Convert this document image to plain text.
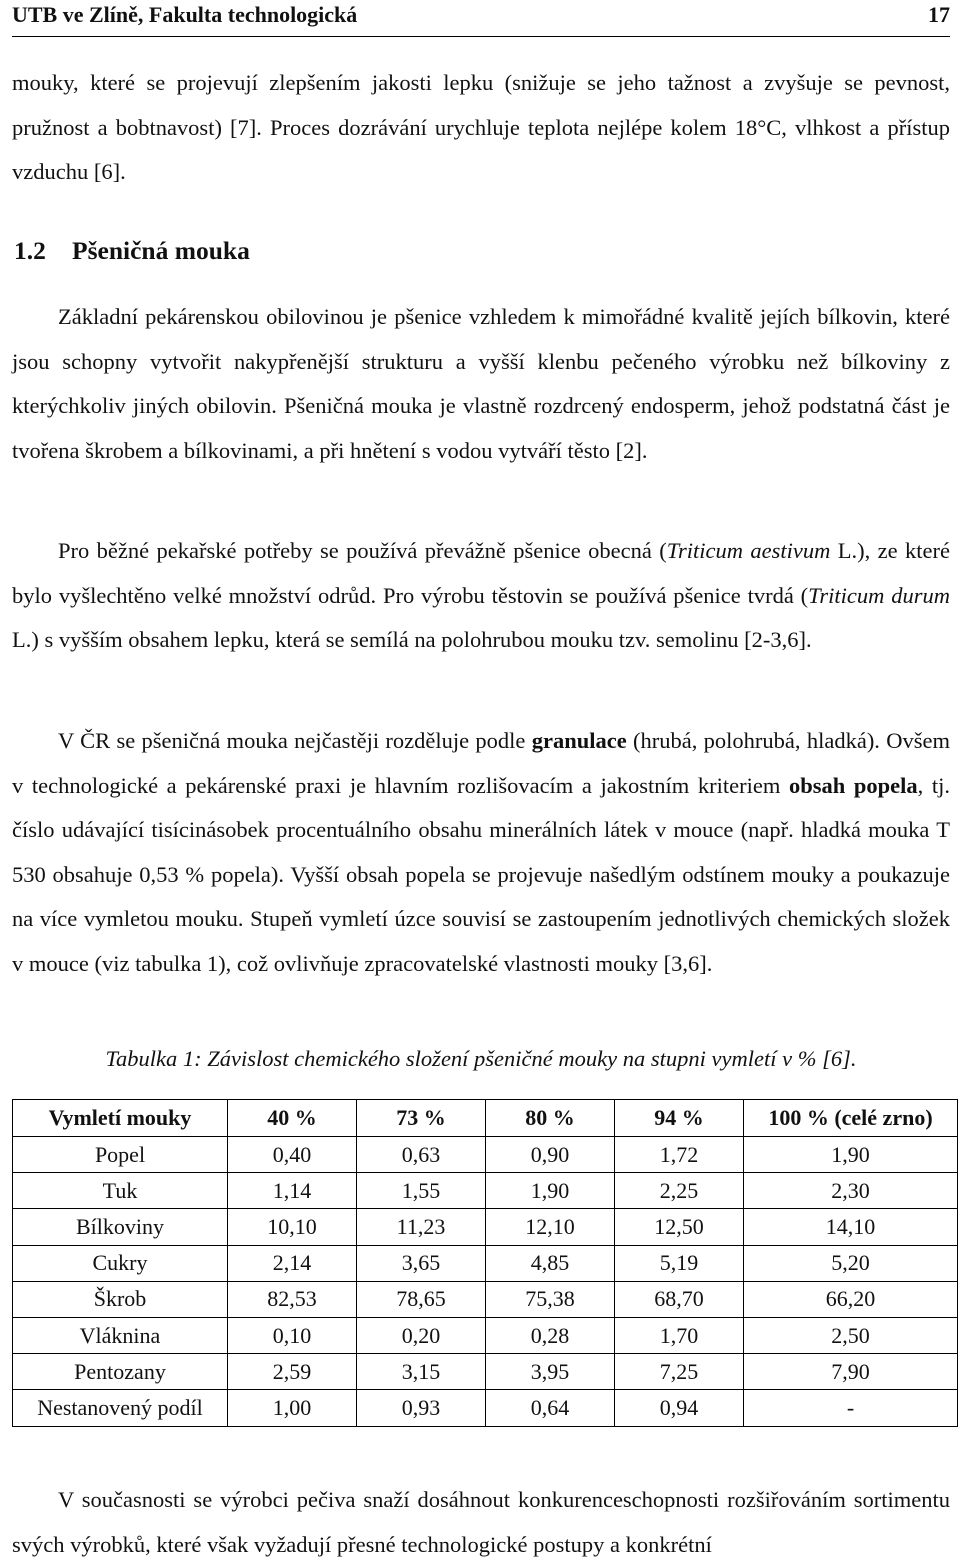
UTB ve Zlíně, Fakulta technologická	17

mouky, které se projevují zlepšením jakosti lepku (snižuje se jeho tažnost a zvyšuje se pevnost, pružnost a bobtnavost) [7]. Proces dozrávání urychluje teplota nejlépe kolem 18°C, vlhkost a přístup vzduchu [6].

1.2 Pšeničná mouka

Základní pekárenskou obilovinou je pšenice vzhledem k mimořádné kvalitě jejích bílkovin, které jsou schopny vytvořit nakypřenější strukturu a vyšší klenbu pečeného výrobku než bílkoviny z kterýchkoliv jiných obilovin. Pšeničná mouka je vlastně rozdrcený endosperm, jehož podstatná část je tvořena škrobem a bílkovinami, a při hnětení s vodou vytváří těsto [2].

Pro běžné pekařské potřeby se používá převážně pšenice obecná (Triticum aestivum L.), ze které bylo vyšlechtěno velké množství odrůd. Pro výrobu těstovin se používá pšenice tvrdá (Triticum durum L.) s vyšším obsahem lepku, která se semílá na polohrubou mouku tzv. semolinu [2-3,6].

V ČR se pšeničná mouka nejčastěji rozděluje podle granulace (hrubá, polohrubá, hladká). Ovšem v technologické a pekárenské praxi je hlavním rozlišovacím a jakostním kriteriem obsah popela, tj. číslo udávající tisícinásobek procentuálního obsahu minerálních látek v mouce (např. hladká mouka T 530 obsahuje 0,53 % popela). Vyšší obsah popela se projevuje našedlým odstínem mouky a poukazuje na více vymletou mouku. Stupeň vymletí úzce souvisí se zastoupením jednotlivých chemických složek v mouce (viz tabulka 1), což ovlivňuje zpracovatelské vlastnosti mouky [3,6].

Tabulka 1: Závislost chemického složení pšeničné mouky na stupni vymletí v % [6].
Vymletí mouky	40 %	73 %	80 %	94 %	100 % (celé zrno)
Popel	0,40	0,63	0,90	1,72	1,90
Tuk	1,14	1,55	1,90	2,25	2,30
Bílkoviny	10,10	11,23	12,10	12,50	14,10
Cukry	2,14	3,65	4,85	5,19	5,20
Škrob	82,53	78,65	75,38	68,70	66,20
Vláknina	0,10	0,20	0,28	1,70	2,50
Pentozany	2,59	3,15	3,95	7,25	7,90
Nestanovený podíl	1,00	0,93	0,64	0,94	-

V současnosti se výrobci pečiva snaží dosáhnout konkurenceschopnosti rozšiřováním sortimentu svých výrobků, které však vyžadují přesné technologické postupy a konkrétní
